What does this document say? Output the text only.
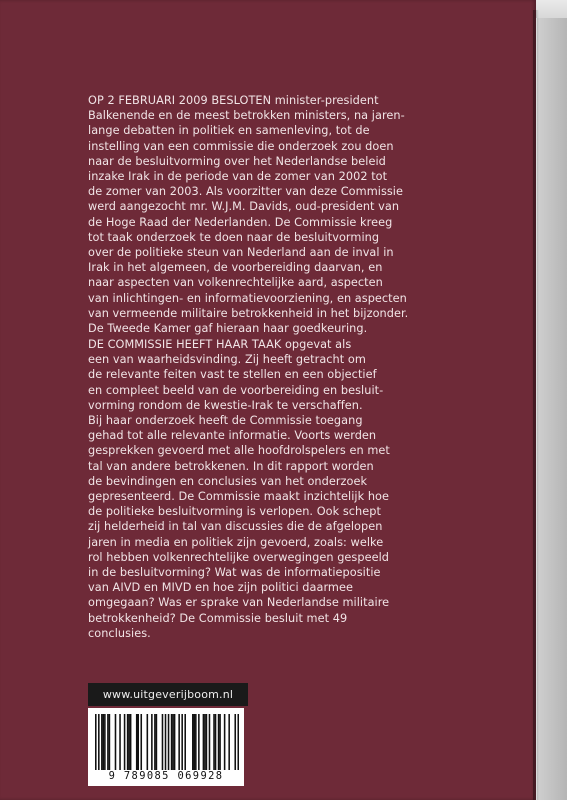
OP 2 FEBRUARI 2009 BESLOTEN minister-president
Balkenende en de meest betrokken ministers, na jaren-
lange debatten in politiek en samenleving, tot de
instelling van een commissie die onderzoek zou doen
naar de besluitvorming over het Nederlandse beleid
inzake Irak in de periode van de zomer van 2002 tot
de zomer van 2003. Als voorzitter van deze Commissie
werd aangezocht mr. W.J.M. Davids, oud-president van
de Hoge Raad der Nederlanden. De Commissie kreeg
tot taak onderzoek te doen naar de besluitvorming
over de politieke steun van Nederland aan de inval in
Irak in het algemeen, de voorbereiding daarvan, en
naar aspecten van volkenrechtelijke aard, aspecten
van inlichtingen- en informatievoorziening, en aspecten
van vermeende militaire betrokkenheid in het bijzonder.
De Tweede Kamer gaf hieraan haar goedkeuring.

DE COMMISSIE HEEFT HAAR TAAK opgevat als
een van waarheidsvinding. Zij heeft getracht om
de relevante feiten vast te stellen en een objectief
en compleet beeld van de voorbereiding en besluit-
vorming rondom de kwestie-Irak te verschaffen.
Bij haar onderzoek heeft de Commissie toegang
gehad tot alle relevante informatie. Voorts werden
gesprekken gevoerd met alle hoofdrolspelers en met
tal van andere betrokkenen. In dit rapport worden
de bevindingen en conclusies van het onderzoek
gepresenteerd. De Commissie maakt inzichtelijk hoe
de politieke besluitvorming is verlopen. Ook schept
zij helderheid in tal van discussies die de afgelopen
jaren in media en politiek zijn gevoerd, zoals: welke
rol hebben volkenrechtelijke overwegingen gespeeld
in de besluitvorming? Wat was de informatiepositie
van AIVD en MIVD en hoe zijn politici daarmee
omgegaan? Was er sprake van Nederlandse militaire
betrokkenheid? De Commissie besluit met 49
conclusies.

www.uitgeverijboom.nl
9 789085 069928
